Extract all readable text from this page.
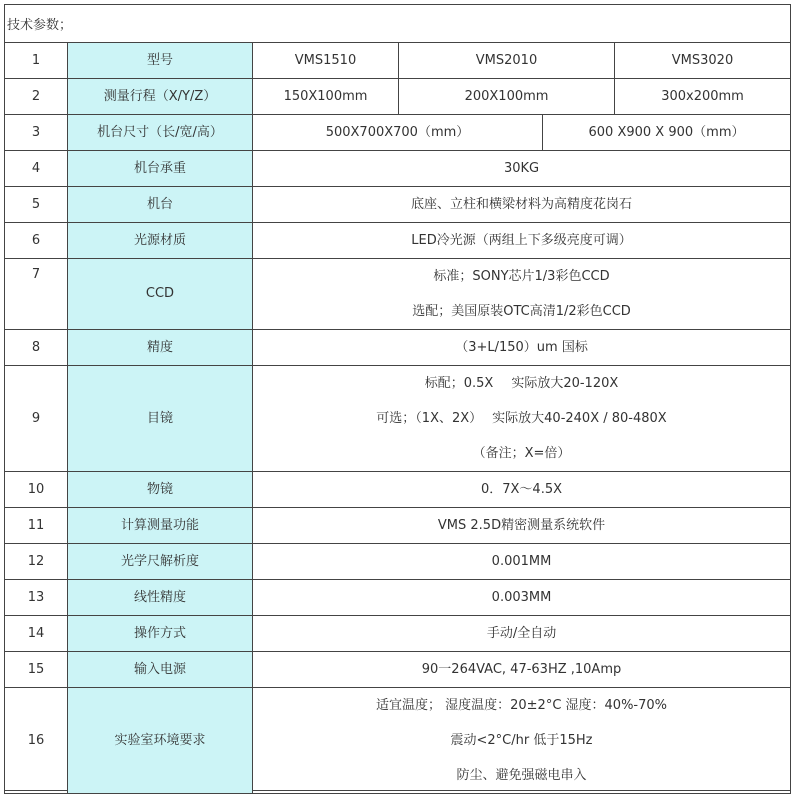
技术参数；
1	型号	VMS1510	VMS2010		VMS3020
2	测量行程（X/Y/Z）	150X100mm	200X100mm		300x200mm
3	机台尺寸（长/宽/高）	500X700X700（mm）		600 X900 X 900（mm）	
4	机台承重	30KG			
5	机台	底座、立柱和横梁材料为高精度花岗石			
6	光源材质	LED冷光源（两组上下多级亮度可调）			
7	CCD	标准；SONY芯片1/3彩色CCD
选配；美国原装OTC高清1/2彩色CCD			

8	精度	（3+L/150）um 国标			
9	目镜	标配；0.5X 实际放大20-120X
可选；（1X、2X） 实际放大40-240X / 80-480X
（备注；X=倍）			

10	物镜	0．7X～4.5X			
11	计算测量功能	VMS 2.5D精密测量系统软件			
12	光学尺解析度	0.001MM			
13	线性精度	0.003MM			
14	操作方式	手动/全自动			
15	输入电源	90一264VAC, 47-63HZ ,10Amp			
16	实验室环境要求	适宜温度； 湿度温度：20±2°C 湿度：40%-70%
震动<2°C/hr 低于15Hz
防尘、避免强磁电串入			
